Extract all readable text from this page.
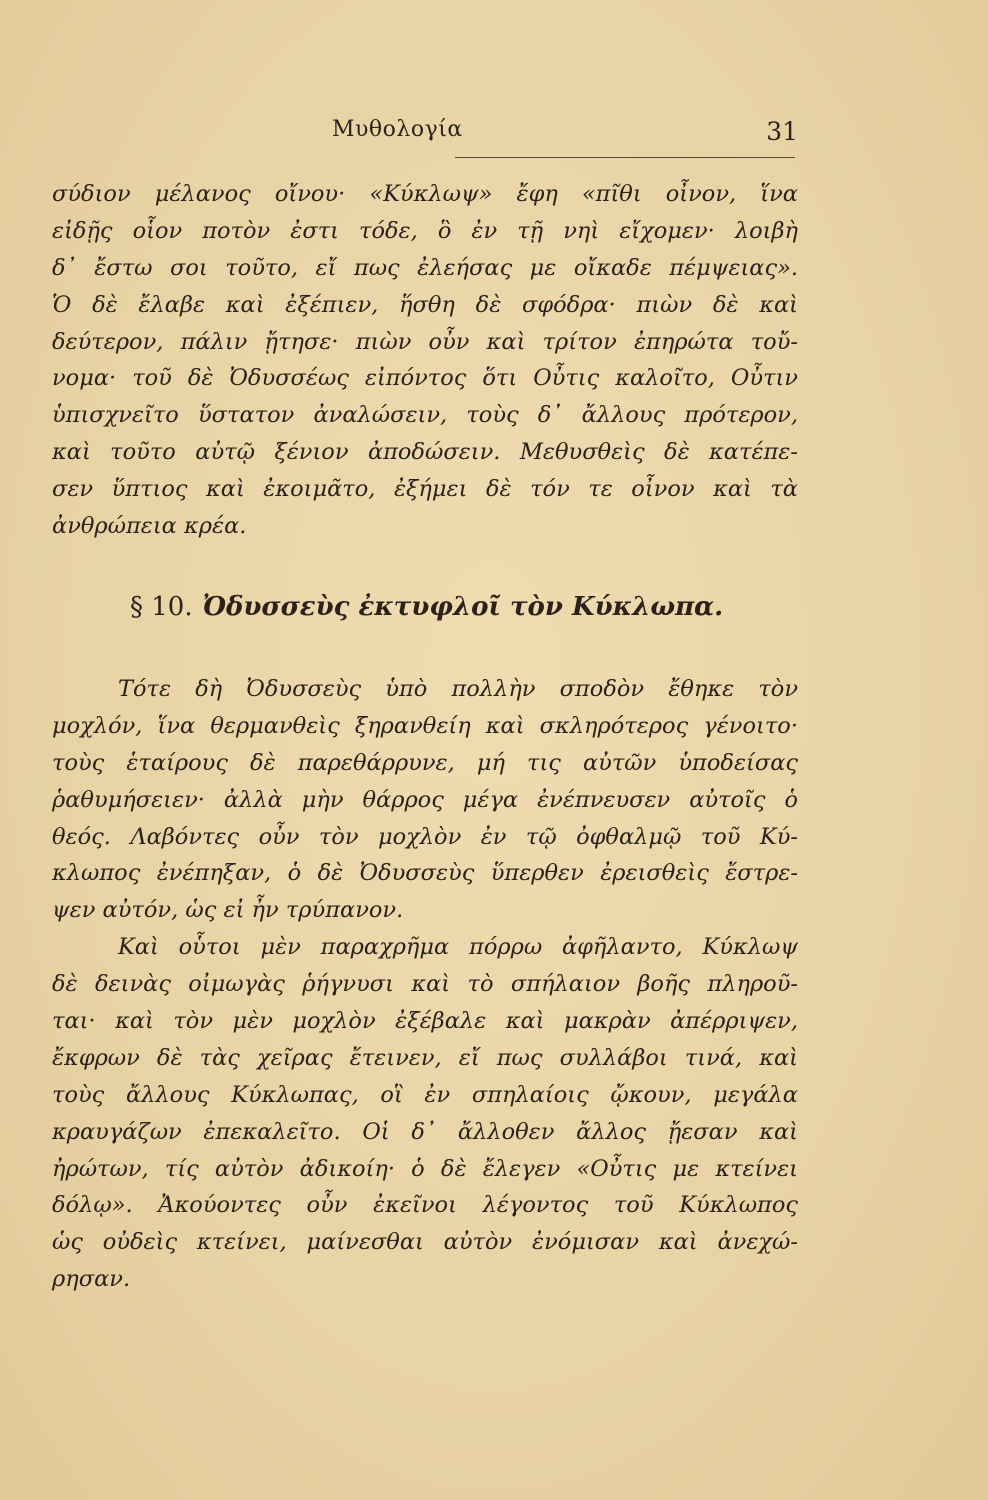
Μυθολογία	31
σύδιον μέλανος οἴνου· «Κύκλωψ» ἔφη «πῖθι οἶνον, ἵνα
εἰδῇς οἷον ποτὸν ἐστι τόδε, ὃ ἐν τῇ νηὶ εἴχομεν· λοιβὴ
δ᾽ ἔστω σοι τοῦτο, εἴ πως ἐλεήσας με οἴκαδε πέμψειας».
Ὁ δὲ ἔλαβε καὶ ἐξέπιεν, ἥσθη δὲ σφόδρα· πιὼν δὲ καὶ
δεύτερον, πάλιν ᾔτησε· πιὼν οὖν καὶ τρίτον ἐπηρώτα τοὔ-
νομα· τοῦ δὲ Ὀδυσσέως εἰπόντος ὅτι Οὖτις καλοῖτο, Οὖτιν
ὑπισχνεῖτο ὕστατον ἀναλώσειν, τοὺς δ᾽ ἄλλους πρότερον,
καὶ τοῦτο αὐτῷ ξένιον ἀποδώσειν. Μεθυσθεὶς δὲ κατέπε-
σεν ὕπτιος καὶ ἐκοιμᾶτο, ἐξήμει δὲ τόν τε οἶνον καὶ τὰ
ἀνθρώπεια κρέα.
§ 10. Ὀδυσσεὺς ἐκτυφλοῖ τὸν Κύκλωπα.
Τότε δὴ Ὀδυσσεὺς ὑπὸ πολλὴν σποδὸν ἔθηκε τὸν
μοχλόν, ἵνα θερμανθεὶς ξηρανθείη καὶ σκληρότερος γένοιτο·
τοὺς ἑταίρους δὲ παρεθάρρυνε, μή τις αὐτῶν ὑποδείσας
ῥαθυμήσειεν· ἀλλὰ μὴν θάρρος μέγα ἐνέπνευσεν αὐτοῖς ὁ
θεός. Λαβόντες οὖν τὸν μοχλὸν ἐν τῷ ὀφθαλμῷ τοῦ Κύ-
κλωπος ἐνέπηξαν, ὁ δὲ Ὀδυσσεὺς ὕπερθεν ἐρεισθεὶς ἔστρε-
ψεν αὐτόν, ὡς εἰ ἦν τρύπανον.
Καὶ οὗτοι μὲν παραχρῆμα πόρρω ἀφῆλαντο, Κύκλωψ
δὲ δεινὰς οἰμωγὰς ῥήγνυσι καὶ τὸ σπήλαιον βοῆς πληροῦ-
ται· καὶ τὸν μὲν μοχλὸν ἐξέβαλε καὶ μακρὰν ἀπέρριψεν,
ἔκφρων δὲ τὰς χεῖρας ἔτεινεν, εἴ πως συλλάβοι τινά, καὶ
τοὺς ἄλλους Κύκλωπας, οἳ ἐν σπηλαίοις ᾤκουν, μεγάλα
κραυγάζων ἐπεκαλεῖτο. Οἱ δ᾽ ἄλλοθεν ἄλλος ᾔεσαν καὶ
ἠρώτων, τίς αὐτὸν ἀδικοίη· ὁ δὲ ἔλεγεν «Οὖτις με κτείνει
δόλῳ». Ἀκούοντες οὖν ἐκεῖνοι λέγοντος τοῦ Κύκλωπος
ὡς οὐδεὶς κτείνει, μαίνεσθαι αὐτὸν ἐνόμισαν καὶ ἀνεχώ-
ρησαν.
